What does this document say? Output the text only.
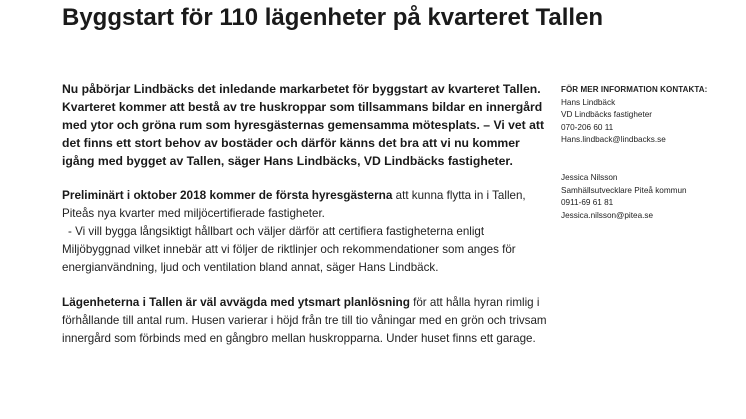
Byggstart för 110 lägenheter på kvarteret Tallen

Nu påbörjar Lindbäcks det inledande markarbetet för byggstart av kvarteret Tallen. Kvarteret kommer att bestå av tre huskroppar som tillsammans bildar en innergård med ytor och gröna rum som hyresgästernas gemensamma mötesplats. – Vi vet att det finns ett stort behov av bostäder och därför känns det bra att vi nu kommer igång med bygget av Tallen, säger Hans Lindbäcks, VD Lindbäcks fastigheter.

Preliminärt i oktober 2018 kommer de första hyresgästerna att kunna flytta in i Tallen, Piteås nya kvarter med miljöcertifierade fastigheter.

- Vi vill bygga långsiktigt hållbart och väljer därför att certifiera fastigheterna enligt Miljöbyggnad vilket innebär att vi följer de riktlinjer och rekommendationer som anges för energianvändning, ljud och ventilation bland annat, säger Hans Lindbäck.

Lägenheterna i Tallen är väl avvägda med ytsmart planlösning för att hålla hyran rimlig i förhållande till antal rum. Husen varierar i höjd från tre till tio våningar med en grön och trivsam innergård som förbinds med en gångbro mellan huskropparna. Under huset finns ett garage.

FÖR MER INFORMATION KONTAKTA:

Hans Lindbäck

VD Lindbäcks fastigheter

070-206 60 11

Hans.lindback@lindbacks.se

Jessica Nilsson

Samhällsutvecklare Piteå kommun

0911-69 61 81

Jessica.nilsson@pitea.se
